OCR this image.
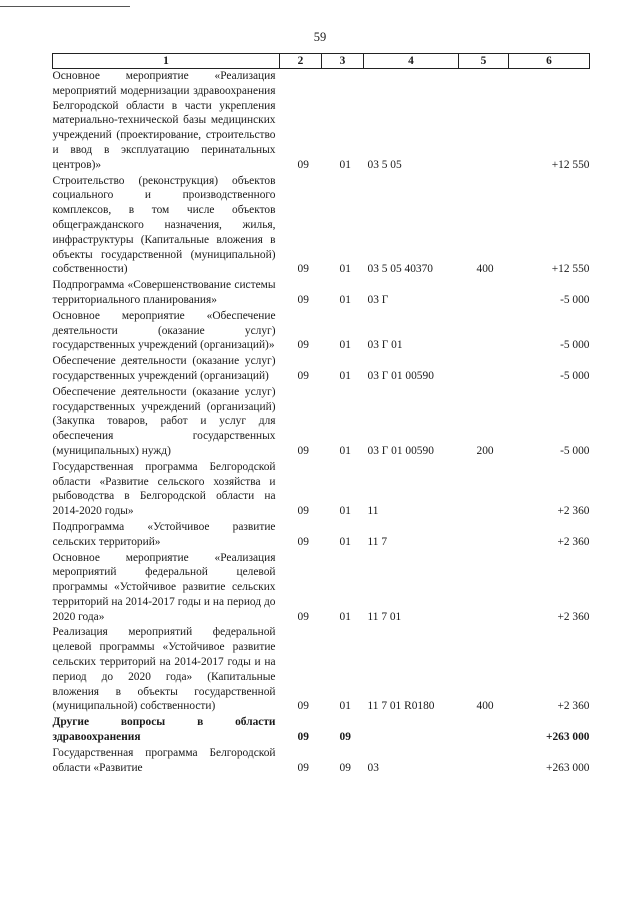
59
1	2	3	4	5	6
Основное мероприятие «Реализация мероприятий модернизации здравоохранения Белгородской области в части укрепления материально-технической базы медицинских учреждений (проектирование, строительство и ввод в эксплуатацию перинатальных центров)»	09	01	03 5 05		+12 550
Строительство (реконструкция) объектов социального и производственного комплексов, в том числе объектов общегражданского назначения, жилья, инфраструктуры (Капитальные вложения в объекты государственной (муниципальной) собственности)	09	01	03 5 05 40370	400	+12 550
Подпрограмма «Совершенствование системы территориального планирования»	09	01	03 Г		-5 000
Основное мероприятие «Обеспечение деятельности (оказание услуг) государственных учреждений (организаций)»	09	01	03 Г 01		-5 000
Обеспечение деятельности (оказание услуг) государственных учреждений (организаций)	09	01	03 Г 01 00590		-5 000
Обеспечение деятельности (оказание услуг) государственных учреждений (организаций) (Закупка товаров, работ и услуг для обеспечения государственных (муниципальных) нужд)	09	01	03 Г 01 00590	200	-5 000
Государственная программа Белгородской области «Развитие сельского хозяйства и рыбоводства в Белгородской области на 2014-2020 годы»	09	01	11		+2 360
Подпрограмма «Устойчивое развитие сельских территорий»	09	01	11 7		+2 360
Основное мероприятие «Реализация мероприятий федеральной целевой программы «Устойчивое развитие сельских территорий на 2014-2017 годы и на период до 2020 года»	09	01	11 7 01		+2 360
Реализация мероприятий федеральной целевой программы «Устойчивое развитие сельских территорий на 2014-2017 годы и на период до 2020 года» (Капитальные вложения в объекты государственной (муниципальной) собственности)	09	01	11 7 01 R0180	400	+2 360
Другие вопросы в области здравоохранения	09	09			+263 000
Государственная программа Белгородской области «Развитие	09	09	03		+263 000
